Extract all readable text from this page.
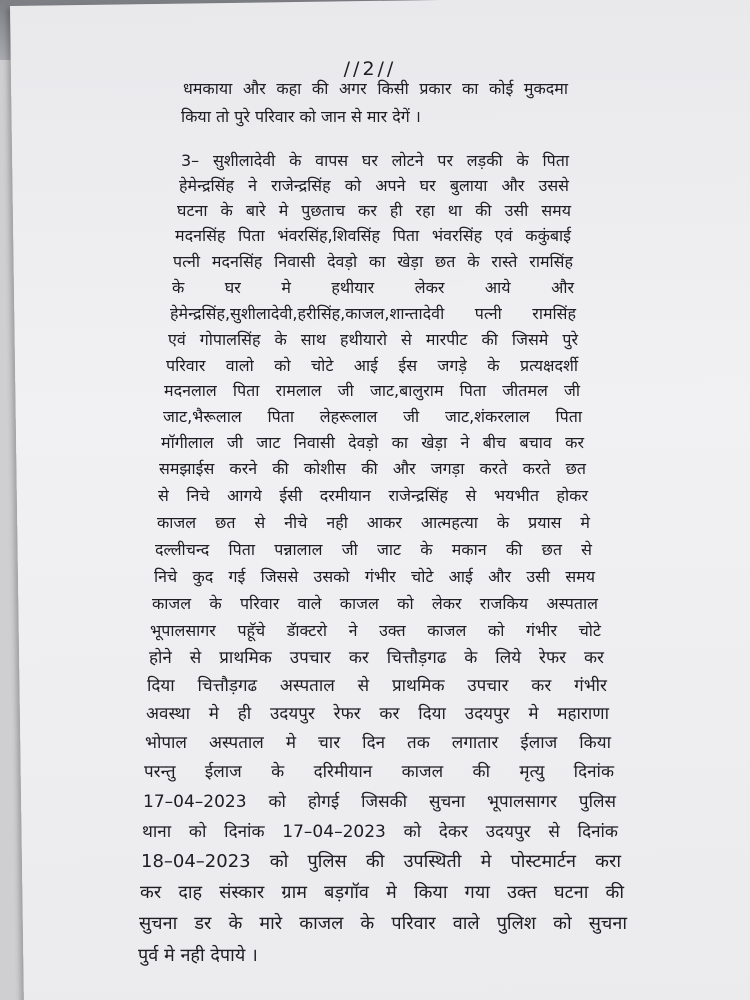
//2//
धमकाया और कहा की अगर किसी प्रकार का कोई मुकदमा
किया तो पुरे परिवार को जान से मार देगें ।
3– सुशीलादेवी के वापस घर लोटने पर लड़की के पिता
हेमेन्द्रसिंह ने राजेन्द्रसिंह को अपने घर बुलाया और उससे
घटना के बारे मे पुछताच कर ही रहा था की उसी समय
मदनसिंह पिता भंवरसिंह,शिवसिंह पिता भंवरसिंह एवं ककुंबाई
पत्नी मदनसिंह निवासी देवड़ो का खेड़ा छत के रास्ते रामसिंह
के घर मे हथीयार लेकर आये और
हेमेन्द्रसिंह,सुशीलादेवी,हरीसिंह,काजल,शान्तादेवी पत्नी रामसिंह
एवं गोपालसिंह के साथ हथीयारो से मारपीट की जिसमे पुरे
परिवार वालो को चोटे आई ईस जगड़े के प्रत्यक्षदर्शी
मदनलाल पिता रामलाल जी जाट,बालुराम पिता जीतमल जी
जाट,भैरूलाल पिता लेहरूलाल जी जाट,शंकरलाल पिता
मॉगीलाल जी जाट निवासी देवड़ो का खेड़ा ने बीच बचाव कर
समझाईस करने की कोशीस की और जगड़ा करते करते छत
से निचे आगये ईसी दरमीयान राजेन्द्रसिंह से भयभीत होकर
काजल छत से नीचे नही आकर आत्महत्या के प्रयास मे
दल्लीचन्द पिता पन्नालाल जी जाट के मकान की छत से
निचे कुद गई जिससे उसको गंभीर चोटे आई और उसी समय
काजल के परिवार वाले काजल को लेकर राजकिय अस्पताल
भूपालसागर पहूॅचे डॅाक्टरो ने उक्त काजल को गंभीर चोटे
होने से प्राथमिक उपचार कर चित्तौड़गढ के लिये रेफर कर
दिया चित्तौड़गढ अस्पताल से प्राथमिक उपचार कर गंभीर
अवस्था मे ही उदयपुर रेफर कर दिया उदयपुर मे महाराणा
भोपाल अस्पताल मे चार दिन तक लगातार ईलाज किया
परन्तु ईलाज के दरिमीयान काजल की मृत्यु दिनांक
17–04–2023 को होगई जिसकी सुचना भूपालसागर पुलिस
थाना को दिनांक 17–04–2023 को देकर उदयपुर से दिनांक
18–04–2023 को पुलिस की उपस्थिती मे पोस्टमार्टन करा
कर दाह संस्कार ग्राम बड़गॉव मे किया गया उक्त घटना की
सुचना डर के मारे काजल के परिवार वाले पुलिश को सुचना
पुर्व मे नही देपाये ।
